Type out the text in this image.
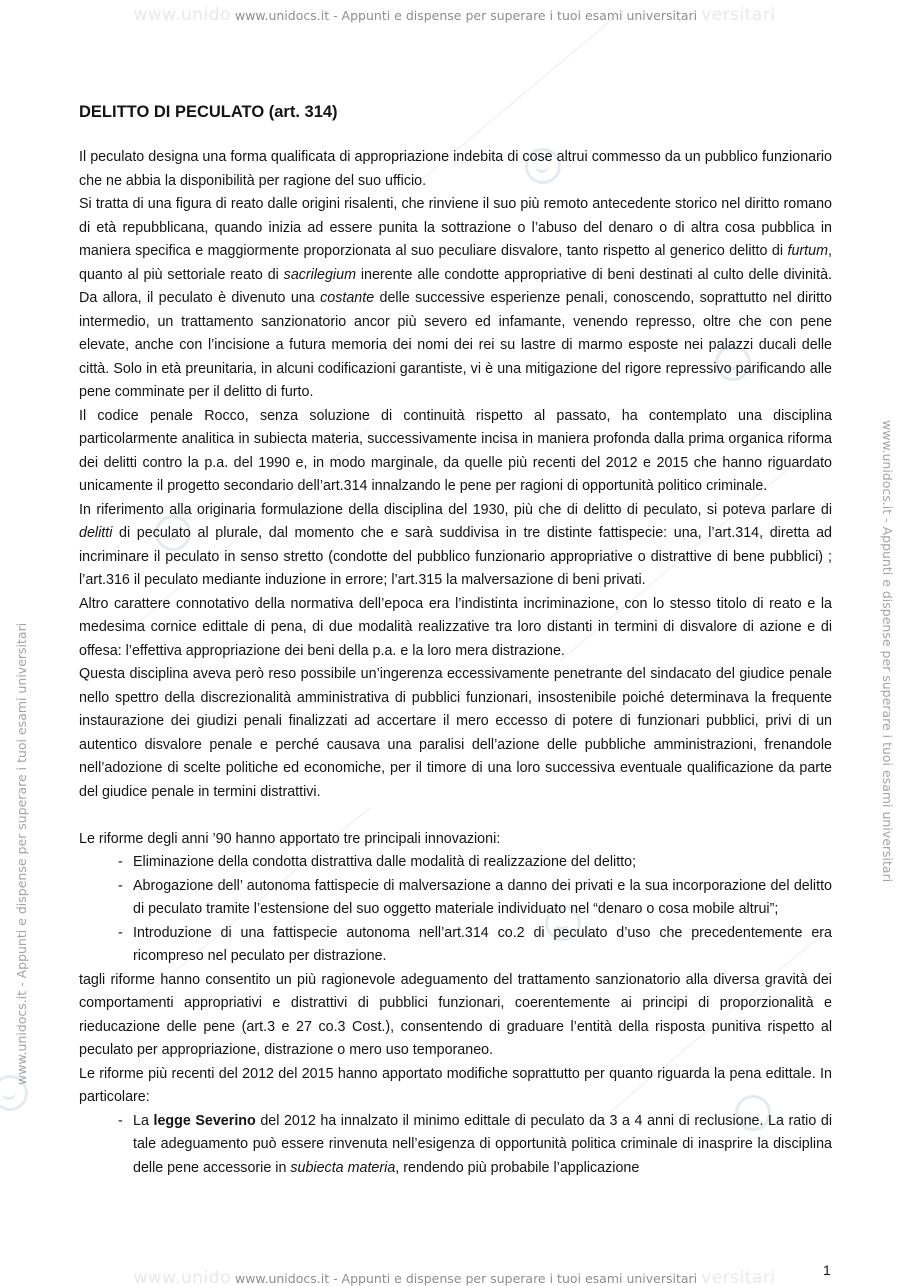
www.unido www.unidocs.it - Appunti e dispense per superare i tuoi esami universitari versitari
www.unido www.unidocs.it - Appunti e dispense per superare i tuoi esami universitari versitari
www.unidocs.it - Appunti e dispense per superare i tuoi esami universitari	www.unidocs.it - Appunti e dispense per superare i tuoi esami universitari
DELITTO DI PECULATO (art. 314)

Il peculato designa una forma qualificata di appropriazione indebita di cose altrui commesso da un pubblico funzionario che ne abbia la disponibilità per ragione del suo ufficio.

Si tratta di una figura di reato dalle origini risalenti, che rinviene il suo più remoto antecedente storico nel diritto romano di età repubblicana, quando inizia ad essere punita la sottrazione o l’abuso del denaro o di altra cosa pubblica in maniera specifica e maggiormente proporzionata al suo peculiare disvalore, tanto rispetto al generico delitto di furtum, quanto al più settoriale reato di sacrilegium inerente alle condotte appropriative di beni destinati al culto delle divinità. Da allora, il peculato è divenuto una costante delle successive esperienze penali, conoscendo, soprattutto nel diritto intermedio, un trattamento sanzionatorio ancor più severo ed infamante, venendo represso, oltre che con pene elevate, anche con l’incisione a futura memoria dei nomi dei rei su lastre di marmo esposte nei palazzi ducali delle città. Solo in età preunitaria, in alcuni codificazioni garantiste, vi è una mitigazione del rigore repressivo parificando alle pene comminate per il delitto di furto.

Il codice penale Rocco, senza soluzione di continuità rispetto al passato, ha contemplato una disciplina particolarmente analitica in subiecta materia, successivamente incisa in maniera profonda dalla prima organica riforma dei delitti contro la p.a. del 1990 e, in modo marginale, da quelle più recenti del 2012 e 2015 che hanno riguardato unicamente il progetto secondario dell’art.314 innalzando le pene per ragioni di opportunità politico criminale.

In riferimento alla originaria formulazione della disciplina del 1930, più che di delitto di peculato, si poteva parlare di delitti di peculato al plurale, dal momento che e sarà suddivisa in tre distinte fattispecie: una, l’art.314, diretta ad incriminare il peculato in senso stretto (condotte del pubblico funzionario appropriative o distrattive di bene pubblici) ; l’art.316 il peculato mediante induzione in errore; l’art.315 la malversazione di beni privati.

Altro carattere connotativo della normativa dell’epoca era l’indistinta incriminazione, con lo stesso titolo di reato e la medesima cornice edittale di pena, di due modalità realizzative tra loro distanti in termini di disvalore di azione e di offesa: l’effettiva appropriazione dei beni della p.a. e la loro mera distrazione.

Questa disciplina aveva però reso possibile un’ingerenza eccessivamente penetrante del sindacato del giudice penale nello spettro della discrezionalità amministrativa di pubblici funzionari, insostenibile poiché determinava la frequente instaurazione dei giudizi penali finalizzati ad accertare il mero eccesso di potere di funzionari pubblici, privi di un autentico disvalore penale e perché causava una paralisi dell’azione delle pubbliche amministrazioni, frenandole nell’adozione di scelte politiche ed economiche, per il timore di una loro successiva eventuale qualificazione da parte del giudice penale in termini distrattivi.

Le riforme degli anni ’90 hanno apportato tre principali innovazioni:

- Eliminazione della condotta distrattiva dalle modalità di realizzazione del delitto;
- Abrogazione dell’ autonoma fattispecie di malversazione a danno dei privati e la sua incorporazione del delitto di peculato tramite l’estensione del suo oggetto materiale individuato nel “denaro o cosa mobile altrui”;
- Introduzione di una fattispecie autonoma nell’art.314 co.2 di peculato d’uso che precedentemente era ricompreso nel peculato per distrazione.

tagli riforme hanno consentito un più ragionevole adeguamento del trattamento sanzionatorio alla diversa gravità dei comportamenti appropriativi e distrattivi di pubblici funzionari, coerentemente ai principi di proporzionalità e rieducazione delle pene (art.3 e 27 co.3 Cost.), consentendo di graduare l’entità della risposta punitiva rispetto al peculato per appropriazione, distrazione o mero uso temporaneo.

Le riforme più recenti del 2012 del 2015 hanno apportato modifiche soprattutto per quanto riguarda la pena edittale. In particolare:

- La legge Severino del 2012 ha innalzato il minimo edittale di peculato da 3 a 4 anni di reclusione. La ratio di tale adeguamento può essere rinvenuta nell’esigenza di opportunità politica criminale di inasprire la disciplina delle pene accessorie in subiecta materia, rendendo più probabile l’applicazione
1
